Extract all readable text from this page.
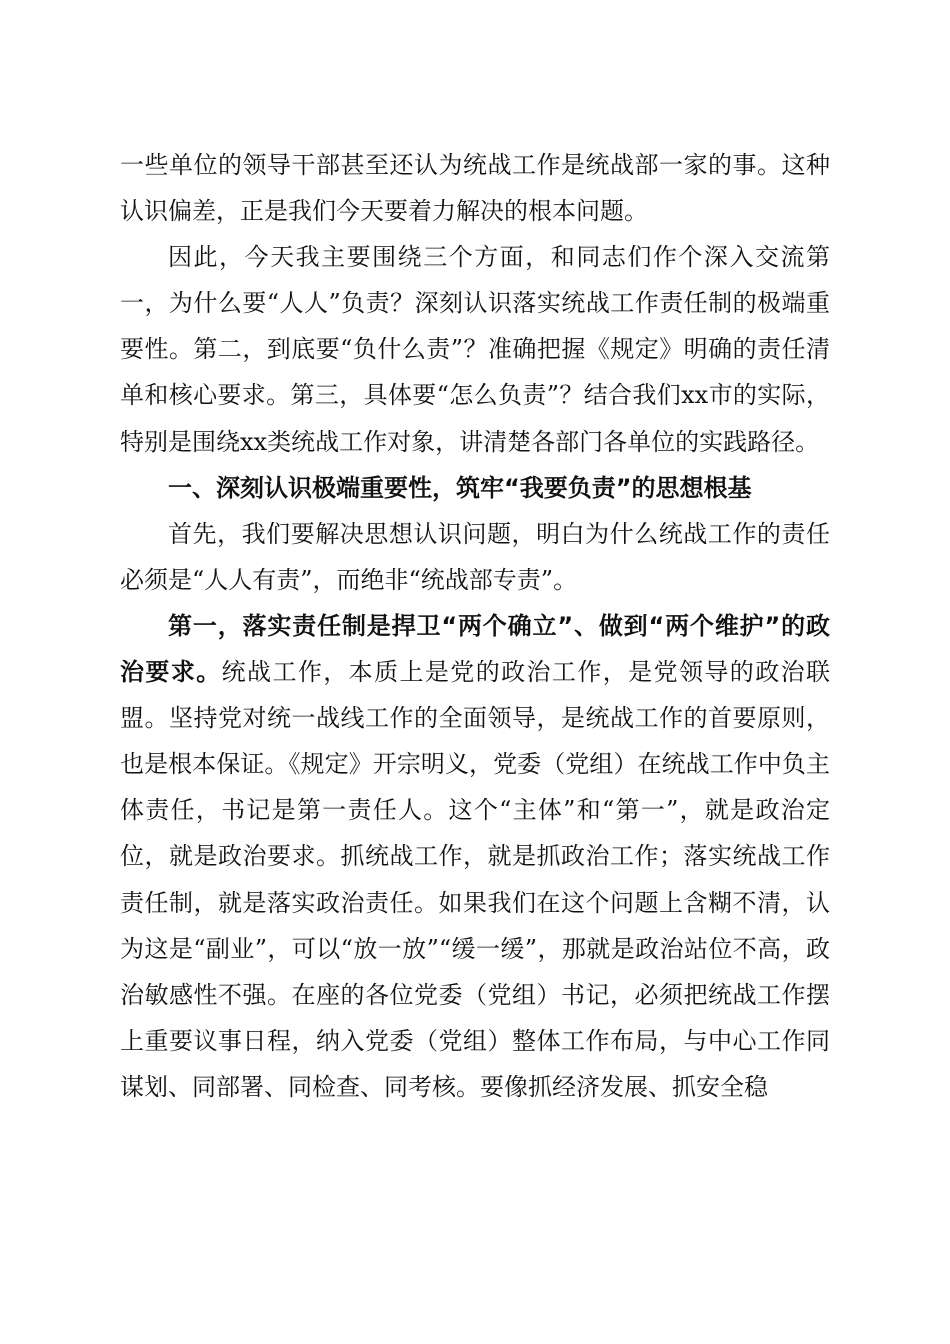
一些单位的领导干部甚至还认为统战工作是统战部一家的事。这种认识偏差，正是我们今天要着力解决的根本问题。

因此，今天我主要围绕三个方面，和同志们作个深入交流第一，为什么要“人人”负责？深刻认识落实统战工作责任制的极端重要性。第二，到底要“负什么责”？准确把握《规定》明确的责任清单和核心要求。第三，具体要“怎么负责”？结合我们xx市的实际，特别是围绕xx类统战工作对象，讲清楚各部门各单位的实践路径。

一、深刻认识极端重要性，筑牢“我要负责”的思想根基

首先，我们要解决思想认识问题，明白为什么统战工作的责任必须是“人人有责”，而绝非“统战部专责”。

第一，落实责任制是捍卫“两个确立”、做到“两个维护”的政治要求。统战工作，本质上是党的政治工作，是党领导的政治联盟。坚持党对统一战线工作的全面领导，是统战工作的首要原则，也是根本保证。《规定》开宗明义，党委（党组）在统战工作中负主体责任，书记是第一责任人。这个“主体”和“第一”，就是政治定位，就是政治要求。抓统战工作，就是抓政治工作；落实统战工作责任制，就是落实政治责任。如果我们在这个问题上含糊不清，认为这是“副业”，可以“放一放”“缓一缓”，那就是政治站位不高，政治敏感性不强。在座的各位党委（党组）书记，必须把统战工作摆上重要议事日程，纳入党委（党组）整体工作布局，与中心工作同谋划、同部署、同检查、同考核。要像抓经济发展、抓安全稳
